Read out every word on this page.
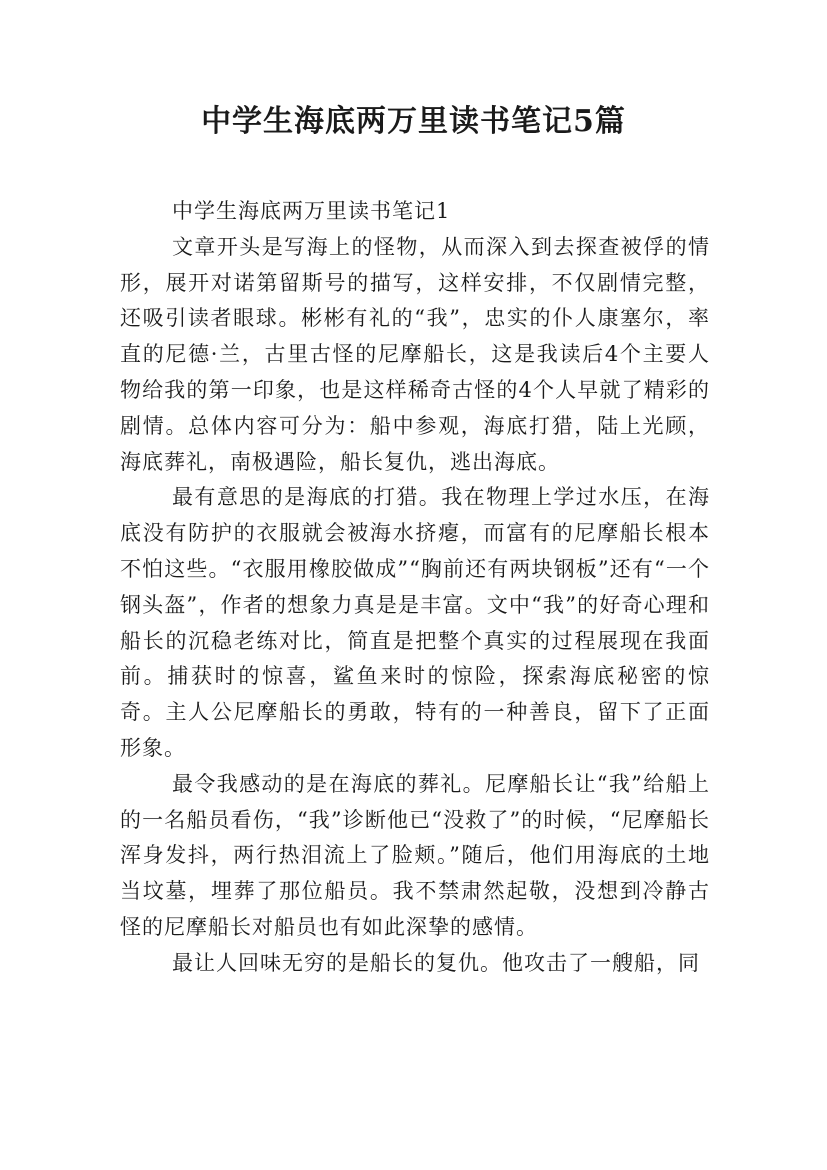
中学生海底两万里读书笔记5篇

中学生海底两万里读书笔记1

文章开头是写海上的怪物，从而深入到去探查被俘的情形，展开对诺第留斯号的描写，这样安排，不仅剧情完整，还吸引读者眼球。彬彬有礼的“我”，忠实的仆人康塞尔，率直的尼德·兰，古里古怪的尼摩船长，这是我读后4个主要人物给我的第一印象，也是这样稀奇古怪的4个人早就了精彩的剧情。总体内容可分为：船中参观，海底打猎，陆上光顾，海底葬礼，南极遇险，船长复仇，逃出海底。

最有意思的是海底的打猎。我在物理上学过水压，在海底没有防护的衣服就会被海水挤瘪，而富有的尼摩船长根本不怕这些。“衣服用橡胶做成”“胸前还有两块钢板”还有“一个钢头盔”，作者的想象力真是是丰富。文中“我”的好奇心理和船长的沉稳老练对比，简直是把整个真实的过程展现在我面前。捕获时的惊喜，鲨鱼来时的惊险，探索海底秘密的惊奇。主人公尼摩船长的勇敢，特有的一种善良，留下了正面形象。

最令我感动的是在海底的葬礼。尼摩船长让“我”给船上的一名船员看伤，“我”诊断他已“没救了”的时候，“尼摩船长浑身发抖，两行热泪流上了脸颊。”随后，他们用海底的土地当坟墓，埋葬了那位船员。我不禁肃然起敬，没想到冷静古怪的尼摩船长对船员也有如此深挚的感情。

最让人回味无穷的是船长的复仇。他攻击了一艘船，同
